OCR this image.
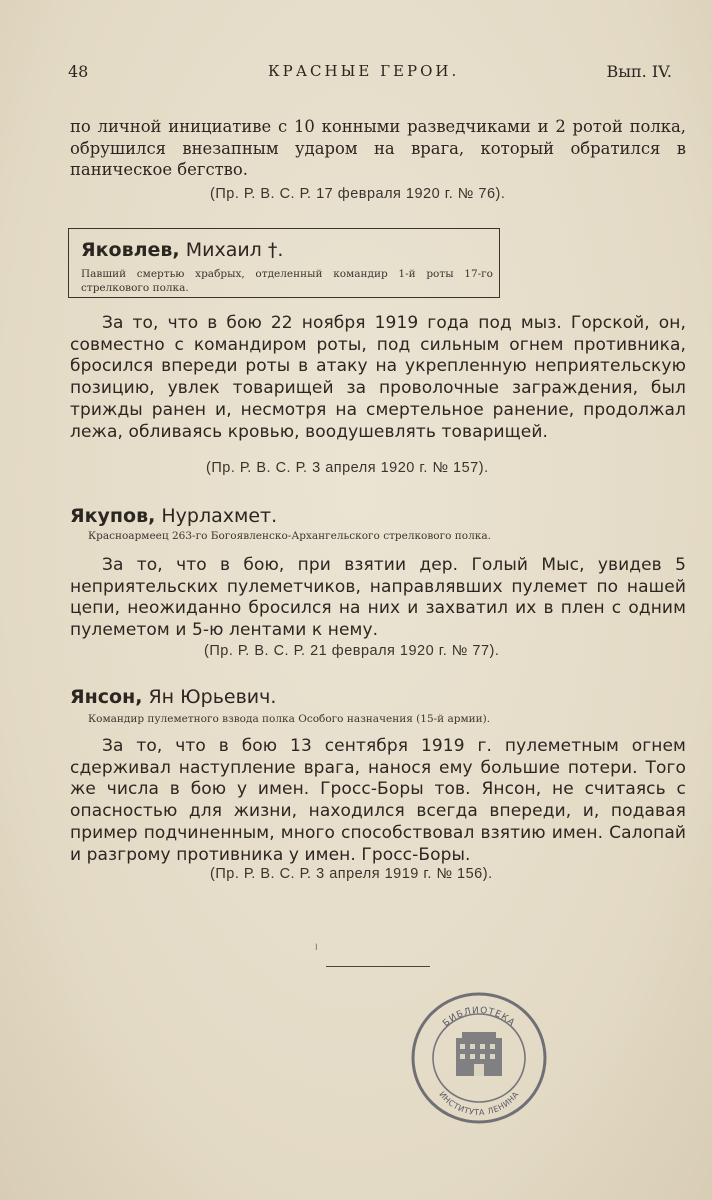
48	КРАСНЫЕ ГЕРОИ.	Вып. IV.

по личной инициативе с 10 конными разведчиками и 2 ротой полка, обрушился внезапным ударом на врага, который обратился в паническое бегство.

(Пр. Р. В. С. Р. 17 февраля 1920 г. № 76).
Яковлев, Михаил †.
Павший смертью храбрых, отделенный командир 1-й роты 17-го стрелкового полка.

За то, что в бою 22 ноября 1919 года под мыз. Горской, он, совместно с командиром роты, под сильным огнем противника, бросился впереди роты в атаку на укрепленную неприятельскую позицию, увлек товарищей за проволочные заграждения, был трижды ранен и, несмотря на смертельное ранение, продолжал лежа, обливаясь кровью, воодушевлять товарищей.

(Пр. Р. В. С. Р. 3 апреля 1920 г. № 157).
Якупов, Нурлахмет.
Красноармеец 263-го Богоявленско-Архангельского стрелкового полка.

За то, что в бою, при взятии дер. Голый Мыс, увидев 5 неприятельских пулеметчиков, направлявших пулемет по нашей цепи, неожиданно бросился на них и захватил их в плен с одним пулеметом и 5-ю лентами к нему.

(Пр. Р. В. С. Р. 21 февраля 1920 г. № 77).
Янсон, Ян Юрьевич.
Командир пулеметного взвода полка Особого назначения (15-й армии).

За то, что в бою 13 сентября 1919 г. пулеметным огнем сдерживал наступление врага, нанося ему большие потери. Того же числа в бою у имен. Гросс-Боры тов. Янсон, не считаясь с опасностью для жизни, находился всегда впереди, и, подавая пример подчиненным, много способствовал взятию имен. Салопай и разгрому противника у имен. Гросс-Боры.

(Пр. Р. В. С. Р. 3 апреля 1919 г. № 156).
ᛌ
БИБЛИОТЕКА
ИНСТИТУТА ЛЕНИНА
